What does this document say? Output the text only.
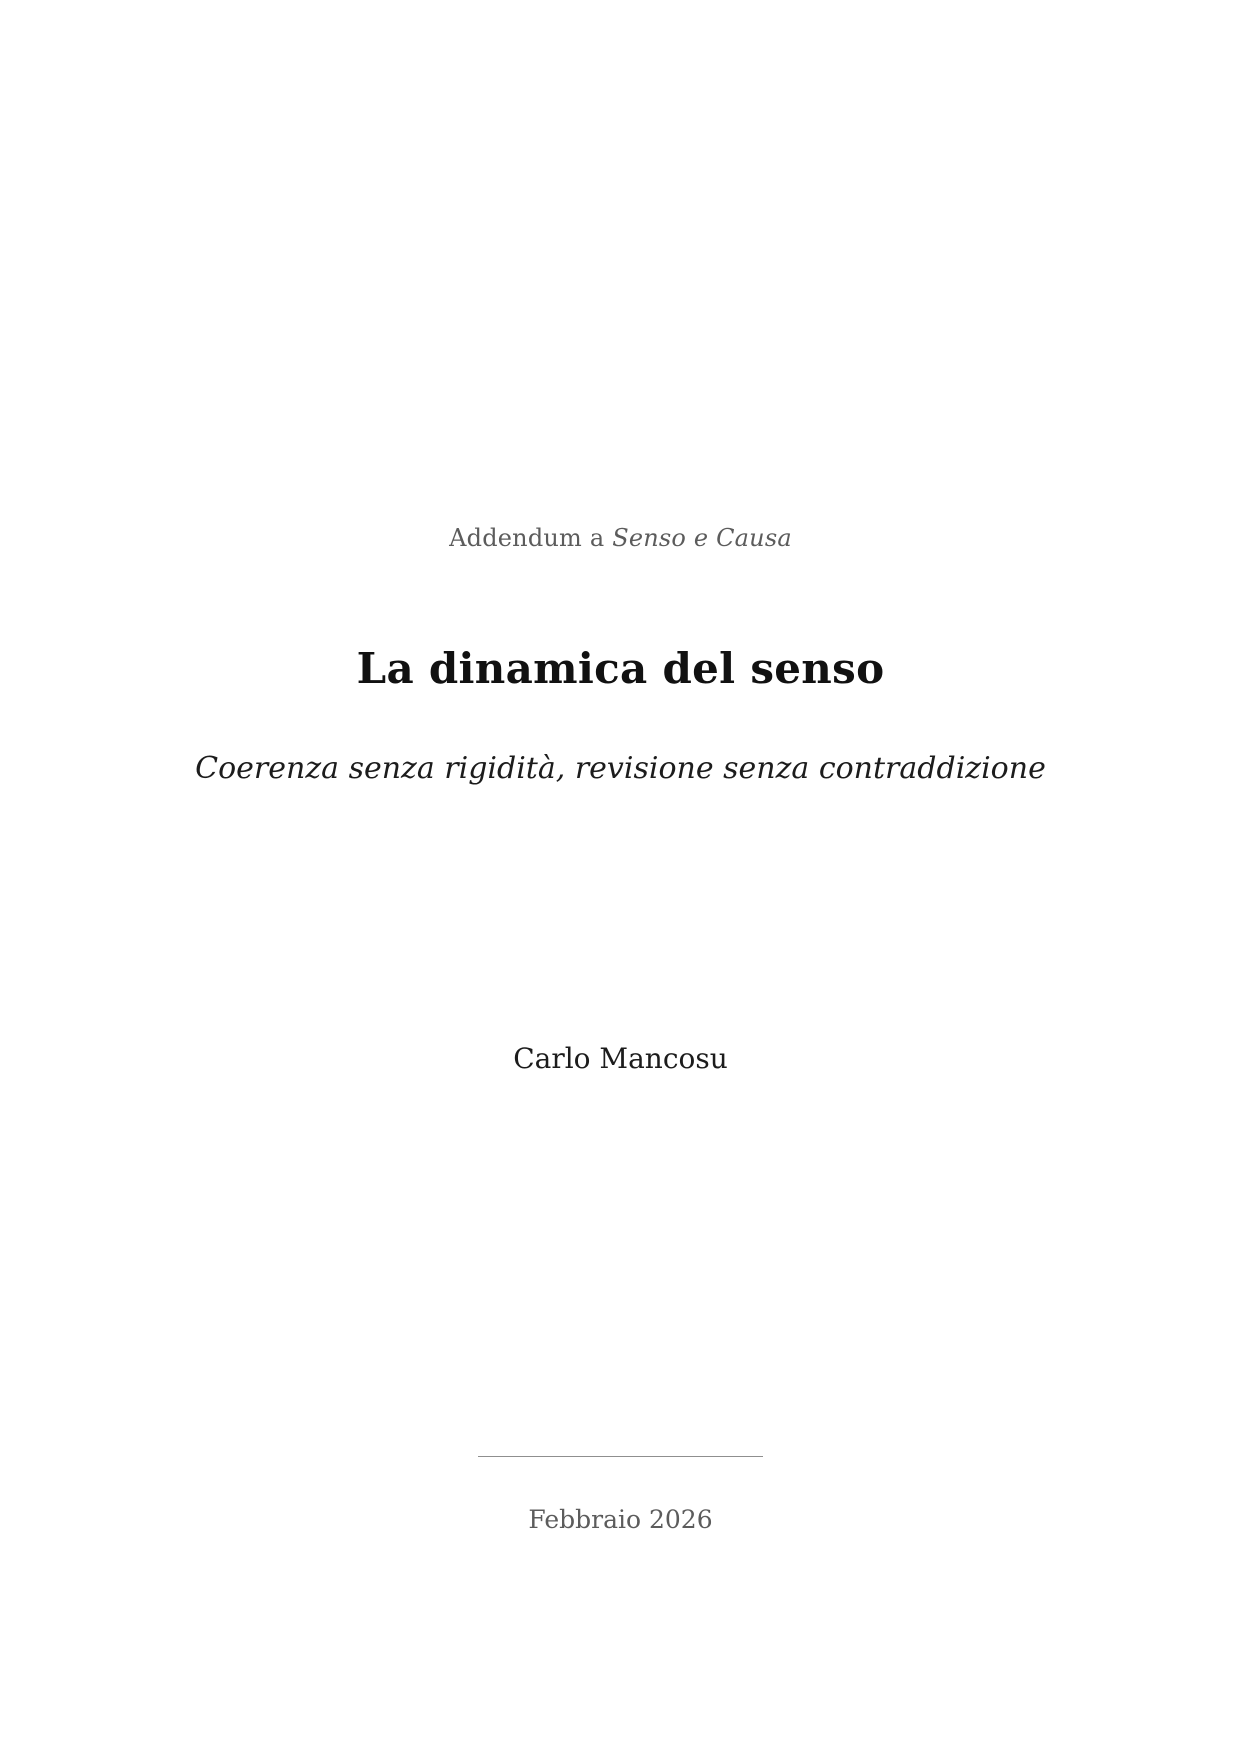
Addendum a Senso e Causa
La dinamica del senso
Coerenza senza rigidità, revisione senza contraddizione
Carlo Mancosu
Febbraio 2026
